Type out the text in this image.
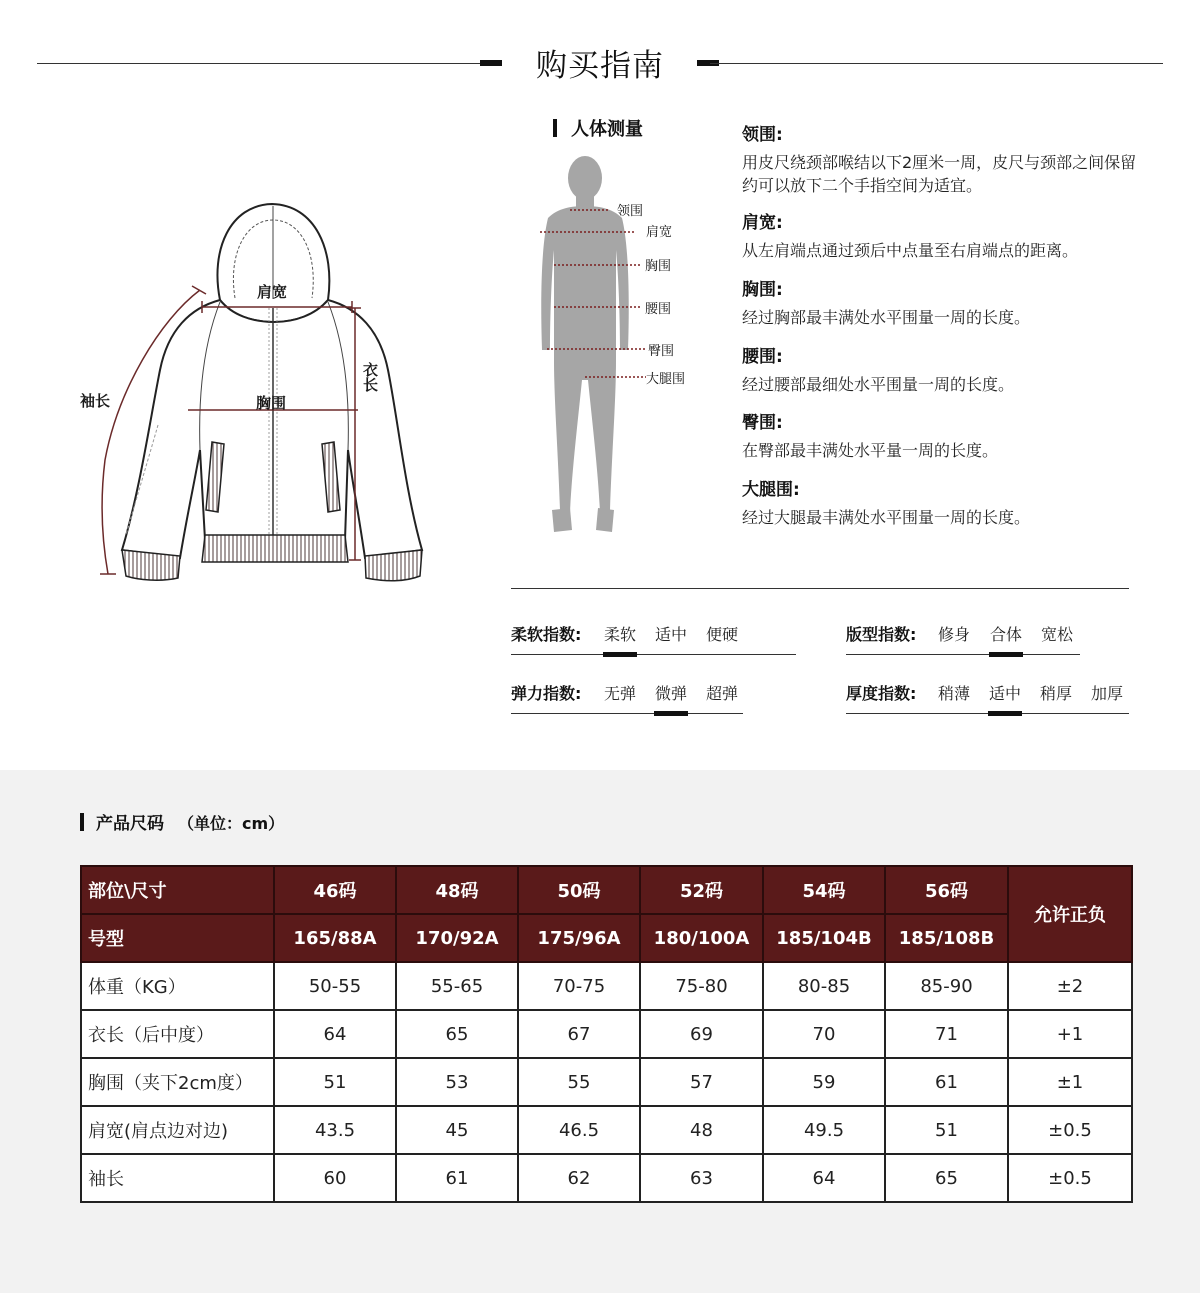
购买指南
肩宽
衣长
胸围
袖长
人体测量
领围
肩宽
胸围
腰围
臀围
大腿围

领围:

用皮尺绕颈部喉结以下2厘米一周，皮尺与颈部之间保留约可以放下二个手指空间为适宜。

肩宽:

从左肩端点通过颈后中点量至右肩端点的距离。

胸围:

经过胸部最丰满处水平围量一周的长度。

腰围:

经过腰部最细处水平围量一周的长度。

臀围:

在臀部最丰满处水平量一周的长度。

大腿围:

经过大腿最丰满处水平围量一周的长度。

柔软指数: 柔软 适中 便硬	版型指数: 修身 合体 宽松
弹力指数: 无弹 微弹 超弹	厚度指数: 稍薄 适中 稍厚 加厚
产品尺码 （单位：cm）
部位\尺寸	46码	48码	50码	52码	54码	56码	允许正负
号型	165/88A	170/92A	175/96A	180/100A	185/104B	185/108B	
体重（KG）	50-55	55-65	70-75	75-80	80-85	85-90	±2
衣长（后中度）	64	65	67	69	70	71	+1
胸围（夹下2cm度）	51	53	55	57	59	61	±1
肩宽(肩点边对边)	43.5	45	46.5	48	49.5	51	±0.5
袖长	60	61	62	63	64	65	±0.5
